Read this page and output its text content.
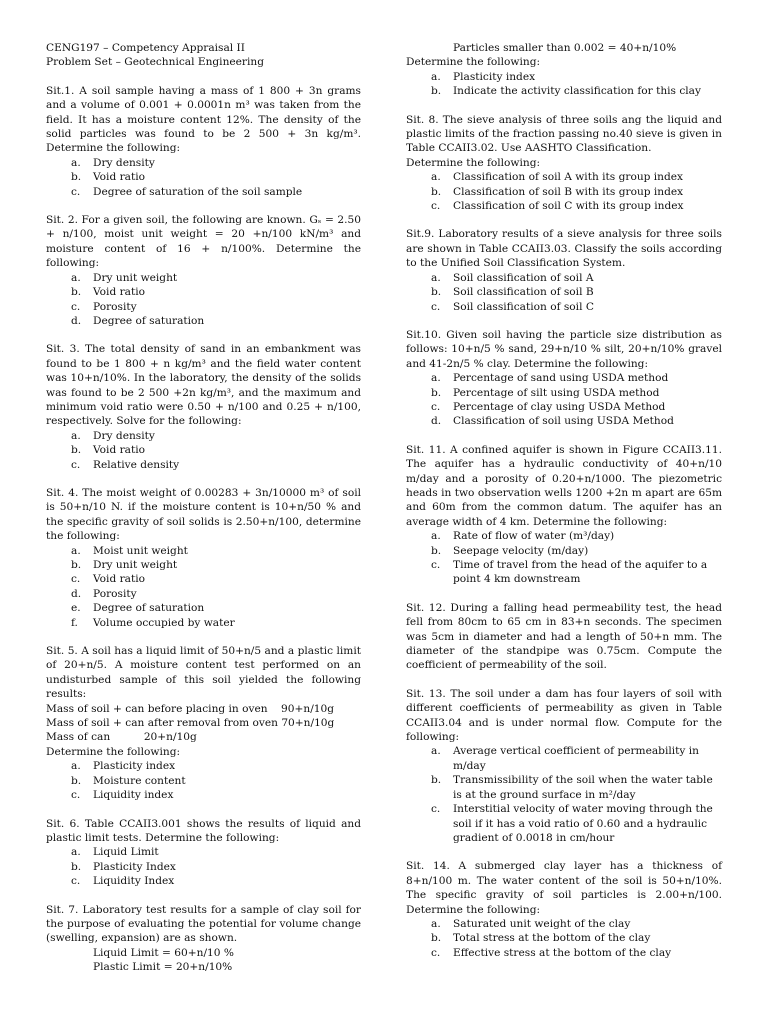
CENG197 – Competency Appraisal II

Problem Set – Geotechnical Engineering

Sit.1. A soil sample having a mass of 1 800 + 3n grams and a volume of 0.001 + 0.0001n m³ was taken from the field. It has a moisture content 12%. The density of the solid particles was found to be 2 500 + 3n kg/m³. Determine the following:

a. Dry density
b. Void ratio
c. Degree of saturation of the soil sample

Sit. 2. For a given soil, the following are known. Gₛ = 2.50 + n/100, moist unit weight = 20 +n/100 kN/m³ and moisture content of 16 + n/100%. Determine the following:

a. Dry unit weight
b. Void ratio
c. Porosity
d. Degree of saturation

Sit. 3. The total density of sand in an embankment was found to be 1 800 + n kg/m³ and the field water content was 10+n/10%. In the laboratory, the density of the solids was found to be 2 500 +2n kg/m³, and the maximum and minimum void ratio were 0.50 + n/100 and 0.25 + n/100, respectively. Solve for the following:

a. Dry density
b. Void ratio
c. Relative density

Sit. 4. The moist weight of 0.00283 + 3n/10000 m³ of soil is 50+n/10 N. if the moisture content is 10+n/50 % and the specific gravity of soil solids is 2.50+n/100, determine the following:

a. Moist unit weight
b. Dry unit weight
c. Void ratio
d. Porosity
e. Degree of saturation
f. Volume occupied by water

Sit. 5. A soil has a liquid limit of 50+n/5 and a plastic limit of 20+n/5. A moisture content test performed on an undisturbed sample of this soil yielded the following results:

Mass of soil + can before placing in oven    90+n/10g

Mass of soil + can after removal from oven 70+n/10g

Mass of can          20+n/10g

Determine the following:

a. Plasticity index
b. Moisture content
c. Liquidity index

Sit. 6. Table CCAII3.001 shows the results of liquid and plastic limit tests. Determine the following:

a. Liquid Limit
b. Plasticity Index
c. Liquidity Index

Sit. 7. Laboratory test results for a sample of clay soil for the purpose of evaluating the potential for volume change (swelling, expansion) are as shown.

Liquid Limit = 60+n/10 %

Plastic Limit = 20+n/10%

Particles smaller than 0.002 = 40+n/10%

Determine the following:

a. Plasticity index
b. Indicate the activity classification for this clay

Sit. 8. The sieve analysis of three soils ang the liquid and plastic limits of the fraction passing no.40 sieve is given in Table CCAII3.02. Use AASHTO Classification.

Determine the following:

a. Classification of soil A with its group index
b. Classification of soil B with its group index
c. Classification of soil C with its group index

Sit.9. Laboratory results of a sieve analysis for three soils are shown in Table CCAII3.03. Classify the soils according to the Unified Soil Classification System.

a. Soil classification of soil A
b. Soil classification of soil B
c. Soil classification of soil C

Sit.10. Given soil having the particle size distribution as follows: 10+n/5 % sand, 29+n/10 % silt, 20+n/10% gravel and 41-2n/5 % clay. Determine the following:

a. Percentage of sand using USDA method
b. Percentage of silt using USDA method
c. Percentage of clay using USDA Method
d. Classification of soil using USDA Method

Sit. 11. A confined aquifer is shown in Figure CCAII3.11. The aquifer has a hydraulic conductivity of 40+n/10 m/day and a porosity of 0.20+n/1000. The piezometric heads in two observation wells 1200 +2n m apart are 65m and 60m from the common datum. The aquifer has an average width of 4 km. Determine the following:

a. Rate of flow of water (m³/day)
b. Seepage velocity (m/day)
c. Time of travel from the head of the aquifer to a point 4 km downstream

Sit. 12. During a falling head permeability test, the head fell from 80cm to 65 cm in 83+n seconds. The specimen was 5cm in diameter and had a length of 50+n mm. The diameter of the standpipe was 0.75cm. Compute the coefficient of permeability of the soil.

Sit. 13. The soil under a dam has four layers of soil with different coefficients of permeability as given in Table CCAII3.04 and is under normal flow. Compute for the following:

a. Average vertical coefficient of permeability in m/day
b. Transmissibility of the soil when the water table is at the ground surface in m²/day
c. Interstitial velocity of water moving through the soil if it has a void ratio of 0.60 and a hydraulic gradient of 0.0018 in cm/hour

Sit. 14. A submerged clay layer has a thickness of 8+n/100 m. The water content of the soil is 50+n/10%. The specific gravity of soil particles is 2.00+n/100. Determine the following:

a. Saturated unit weight of the clay
b. Total stress at the bottom of the clay
c. Effective stress at the bottom of the clay
